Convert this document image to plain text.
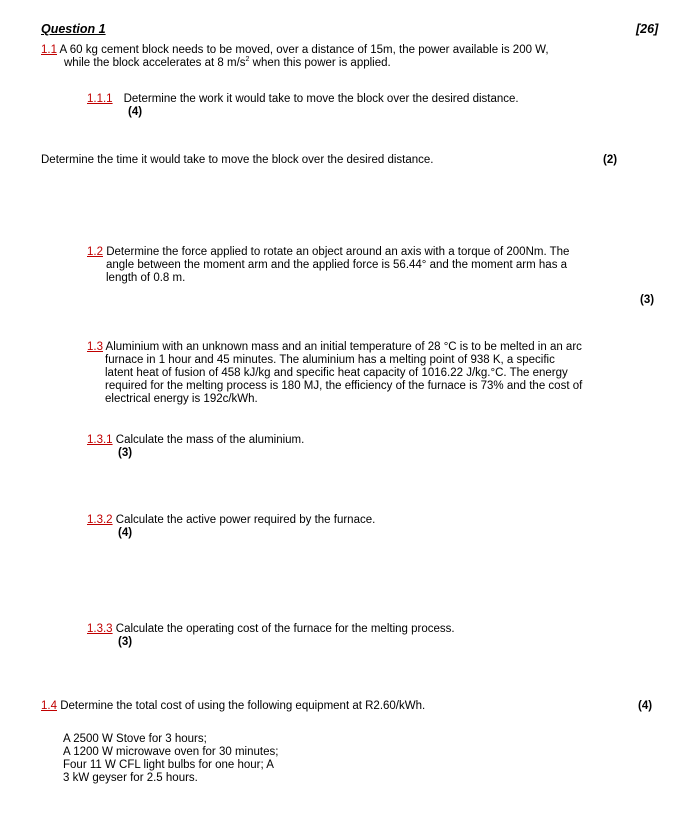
Question 1	[26]
1.1 A 60 kg cement block needs to be moved, over a distance of 15m, the power available is 200 W,
while the block accelerates at 8 $m/s^2$ when this power is applied.
1.1.1 Determine the work it would take to move the block over the desired distance.
(4)
Determine the time it would take to move the block over the desired distance.	(2)
1.2 Determine the force applied to rotate an object around an axis with a torque of 200Nm. The
angle between the moment arm and the applied force is 56.44° and the moment arm has a
length of 0.8 m.
(3)
1.3 Aluminium with an unknown mass and an initial temperature of 28 °C is to be melted in an arc
furnace in 1 hour and 45 minutes. The aluminium has a melting point of 938 K, a specific
latent heat of fusion of 458 kJ/kg and specific heat capacity of 1016.22 J/kg.°C. The energy
required for the melting process is 180 MJ, the efficiency of the furnace is 73% and the cost of
electrical energy is 192c/kWh.
1.3.1 Calculate the mass of the aluminium.
(3)
1.3.2 Calculate the active power required by the furnace.
(4)
1.3.3 Calculate the operating cost of the furnace for the melting process.
(3)
1.4 Determine the total cost of using the following equipment at R2.60/kWh.	(4)
A 2500 W Stove for 3 hours;
A 1200 W microwave oven for 30 minutes;
Four 11 W CFL light bulbs for one hour; A
3 kW geyser for 2.5 hours.
